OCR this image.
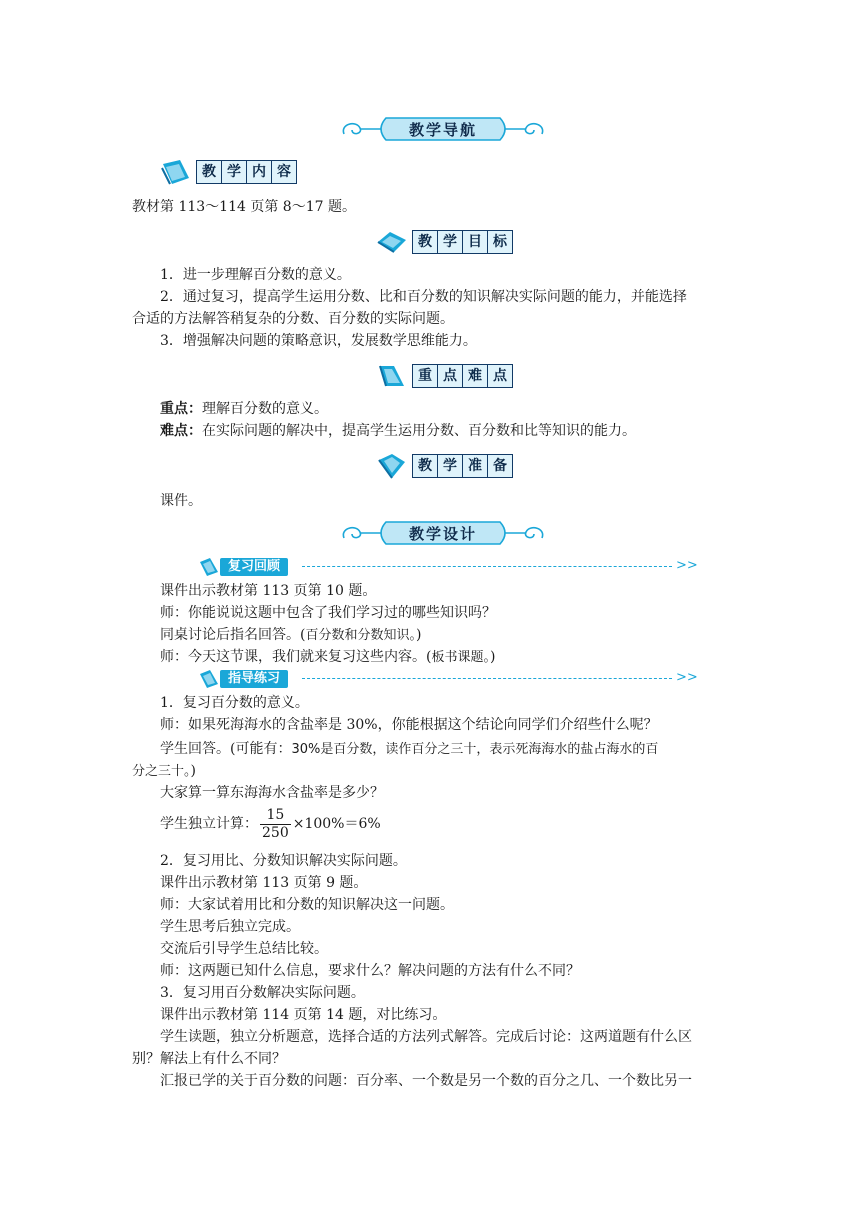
教学导航
教 学 内 容
教材第 113～114 页第 8～17 题。
教 学 目 标
1．进一步理解百分数的意义。
2．通过复习，提高学生运用分数、比和百分数的知识解决实际问题的能力，并能选择
合适的方法解答稍复杂的分数、百分数的实际问题。
3．增强解决问题的策略意识，发展数学思维能力。
重 点 难 点
重点：理解百分数的意义。
难点：在实际问题的解决中，提高学生运用分数、百分数和比等知识的能力。
教 学 准 备
课件。
教学设计
复习回顾	>>
课件出示教材第 113 页第 10 题。
师：你能说说这题中包含了我们学习过的哪些知识吗？
同桌讨论后指名回答。(百分数和分数知识。)
师：今天这节课，我们就来复习这些内容。(板书课题。)
指导练习	>>
1．复习百分数的意义。
师：如果死海海水的含盐率是 30%，你能根据这个结论向同学们介绍些什么呢？
学生回答。(可能有：30%是百分数，读作百分之三十，表示死海海水的盐占海水的百
分之三十。)
大家算一算东海海水含盐率是多少？
学生独立计算： $\frac{15}{250} \times 100\%=6\%$
2．复习用比、分数知识解决实际问题。
课件出示教材第 113 页第 9 题。
师：大家试着用比和分数的知识解决这一问题。
学生思考后独立完成。
交流后引导学生总结比较。
师：这两题已知什么信息，要求什么？解决问题的方法有什么不同？
3．复习用百分数解决实际问题。
课件出示教材第 114 页第 14 题，对比练习。
学生读题，独立分析题意，选择合适的方法列式解答。完成后讨论：这两道题有什么区
别？解法上有什么不同？
汇报已学的关于百分数的问题：百分率、一个数是另一个数的百分之几、一个数比另一
